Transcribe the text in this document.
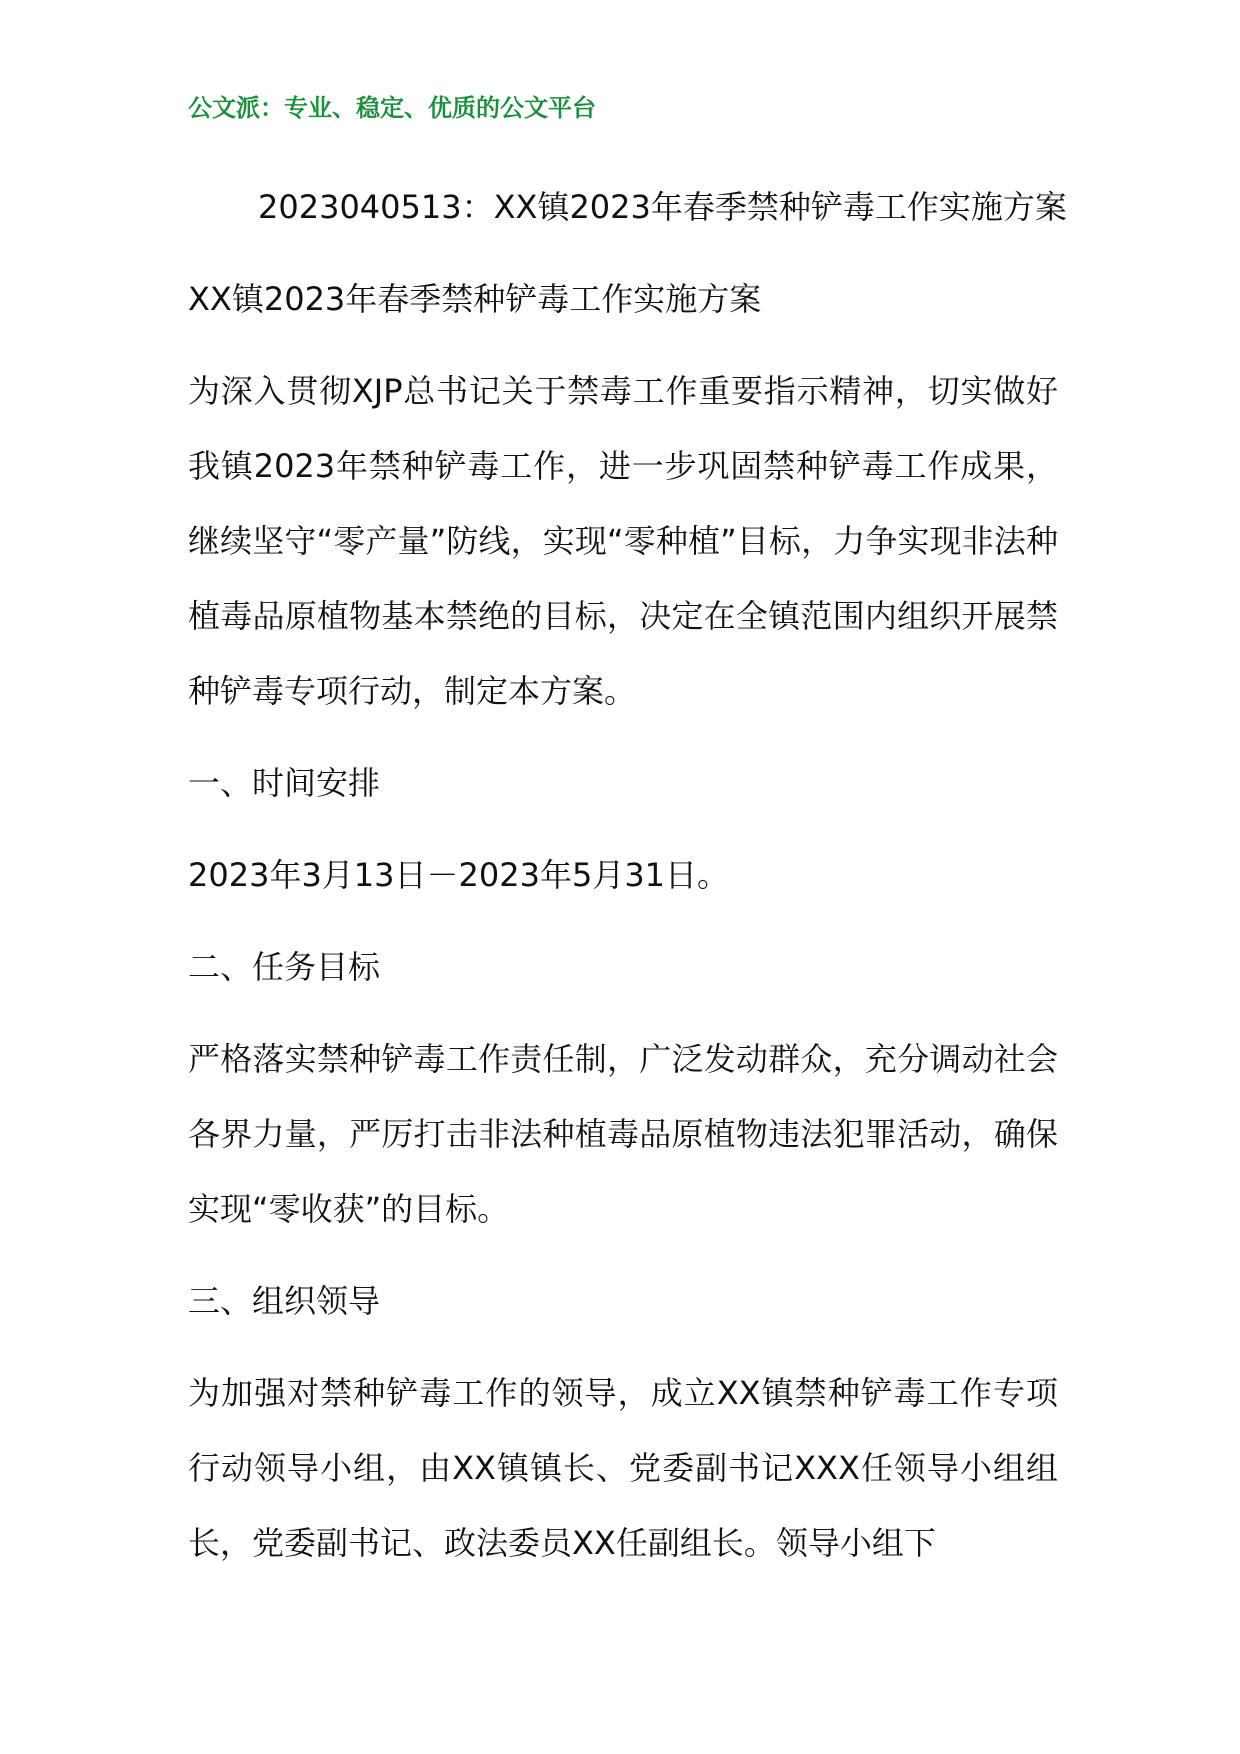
公文派：专业、稳定、优质的公文平台

2023040513：XX镇2023年春季禁种铲毒工作实施方案

XX镇2023年春季禁种铲毒工作实施方案

为深入贯彻XJP总书记关于禁毒工作重要指示精神，切实做好我镇2023年禁种铲毒工作，进一步巩固禁种铲毒工作成果，继续坚守“零产量”防线，实现“零种植”目标，力争实现非法种植毒品原植物基本禁绝的目标，决定在全镇范围内组织开展禁种铲毒专项行动，制定本方案。

一、时间安排

2023年3月13日－2023年5月31日。

二、任务目标

严格落实禁种铲毒工作责任制，广泛发动群众，充分调动社会各界力量，严厉打击非法种植毒品原植物违法犯罪活动，确保实现“零收获”的目标。

三、组织领导

为加强对禁种铲毒工作的领导，成立XX镇禁种铲毒工作专项行动领导小组，由XX镇镇长、党委副书记XXX任领导小组组长，党委副书记、政法委员XX任副组长。领导小组下
